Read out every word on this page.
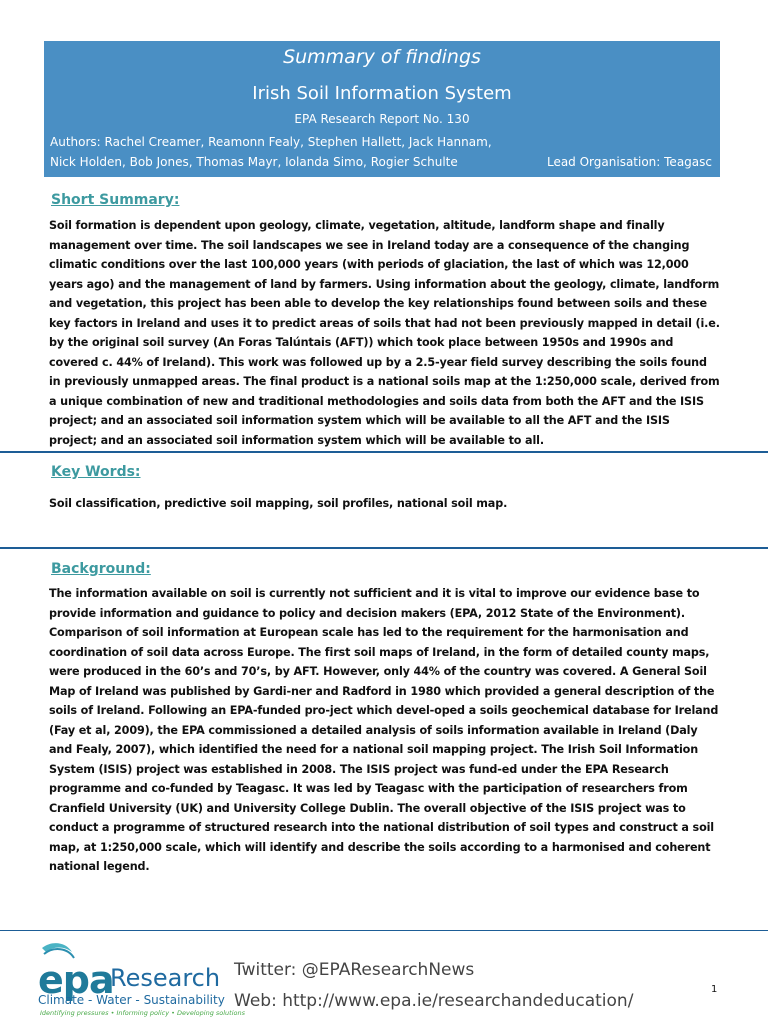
Summary of findings
Irish Soil Information System
EPA Research Report No. 130
Authors: Rachel Creamer, Reamonn Fealy, Stephen Hallett, Jack Hannam,
Nick Holden, Bob Jones, Thomas Mayr, Iolanda Simo, Rogier Schulte	Lead Organisation: Teagasc
Short Summary:
Soil formation is dependent upon geology, climate, vegetation, altitude, landform shape and finally management over time. The soil landscapes we see in Ireland today are a consequence of the changing climatic conditions over the last 100,000 years (with periods of glaciation, the last of which was 12,000 years ago) and the management of land by farmers. Using information about the geology, climate, landform and vegetation, this project has been able to develop the key relationships found between soils and these key factors in Ireland and uses it to predict areas of soils that had not been previously mapped in detail (i.e. by the original soil survey (An Foras Talúntais (AFT)) which took place between 1950s and 1990s and covered c. 44% of Ireland). This work was followed up by a 2.5-year field survey describing the soils found in previously unmapped areas. The final product is a national soils map at the 1:250,000 scale, derived from a unique combination of new and traditional methodologies and soils data from both the AFT and the ISIS project; and an associated soil information system which will be available to all the AFT and the ISIS project; and an associated soil information system which will be available to all.
Key Words:
Soil classification, predictive soil mapping, soil profiles, national soil map.
Background:
The information available on soil is currently not sufficient and it is vital to improve our evidence base to provide information and guidance to policy and decision makers (EPA, 2012 State of the Environment). Comparison of soil information at European scale has led to the requirement for the harmonisation and coordination of soil data across Europe. The first soil maps of Ireland, in the form of detailed county maps, were produced in the 60’s and 70’s, by AFT. However, only 44% of the country was covered. A General Soil Map of Ireland was published by Gardi-ner and Radford in 1980 which provided a general description of the soils of Ireland. Following an EPA-funded pro-ject which devel-oped a soils geochemical database for Ireland (Fay et al, 2009), the EPA commissioned a detailed analysis of soils information available in Ireland (Daly and Fealy, 2007), which identified the need for a national soil mapping project. The Irish Soil Information System (ISIS) project was established in 2008. The ISIS project was fund-ed under the EPA Research programme and co-funded by Teagasc. It was led by Teagasc with the participation of researchers from Cranfield University (UK) and University College Dublin. The overall objective of the ISIS project was to conduct a programme of structured research into the national distribution of soil types and construct a soil map, at 1:250,000 scale, which will identify and describe the soils according to a harmonised and coherent national legend.
epa
Research
Climate - Water - Sustainability
Identifying pressures • Informing policy • Developing solutions
Twitter: @EPAResearchNews
Web: http://www.epa.ie/researchandeducation/
1
